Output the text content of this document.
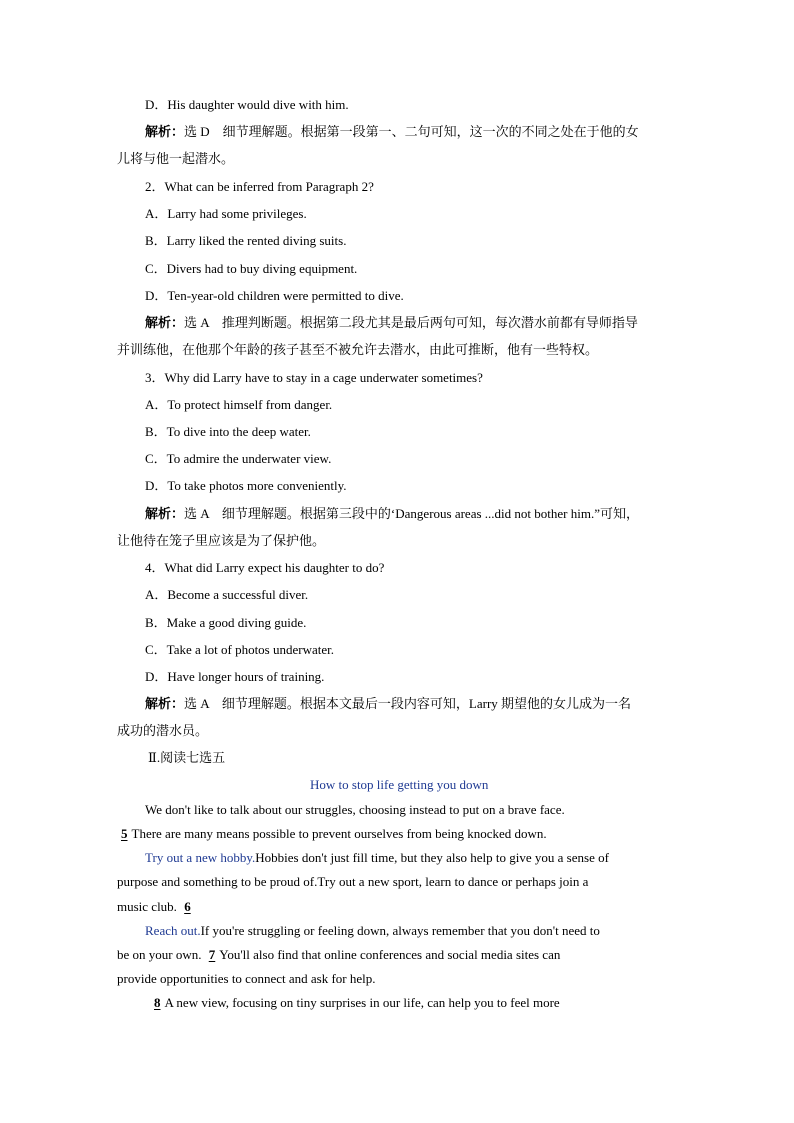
D．His daughter would dive with him.
解析：选 D　细节理解题。根据第一段第一、二句可知，这一次的不同之处在于他的女
儿将与他一起潜水。
2．What can be inferred from Paragraph 2?
A．Larry had some privileges.
B．Larry liked the rented diving suits.
C．Divers had to buy diving equipment.
D．Ten-year-old children were permitted to dive.
解析：选 A　推理判断题。根据第二段尤其是最后两句可知，每次潜水前都有导师指导
并训练他，在他那个年龄的孩子甚至不被允许去潜水，由此可推断，他有一些特权。
3．Why did Larry have to stay in a cage underwater sometimes?
A．To protect himself from danger.
B．To dive into the deep water.
C．To admire the underwater view.
D．To take photos more conveniently.
解析：选 A　细节理解题。根据第三段中的‘Dangerous areas ...did not bother him.”可知，
让他待在笼子里应该是为了保护他。
4．What did Larry expect his daughter to do?
A．Become a successful diver.
B．Make a good diving guide.
C．Take a lot of photos underwater.
D．Have longer hours of training.
解析：选 A　细节理解题。根据本文最后一段内容可知，Larry 期望他的女儿成为一名
成功的潜水员。
Ⅱ.阅读七选五
How to stop life getting you down
We don't like to talk about our struggles, choosing instead to put on a brave face.
5 There are many means possible to prevent ourselves from being knocked down.
Try out a new hobby.Hobbies don't just fill time, but they also help to give you a sense of
purpose and something to be proud of.Try out a new sport, learn to dance or perhaps join a
music club. 6
Reach out.If you're struggling or feeling down, always remember that you don't need to
be on your own. 7 You'll also find that online conferences and social media sites can
provide opportunities to connect and ask for help.
8 A new view, focusing on tiny surprises in our life, can help you to feel more
